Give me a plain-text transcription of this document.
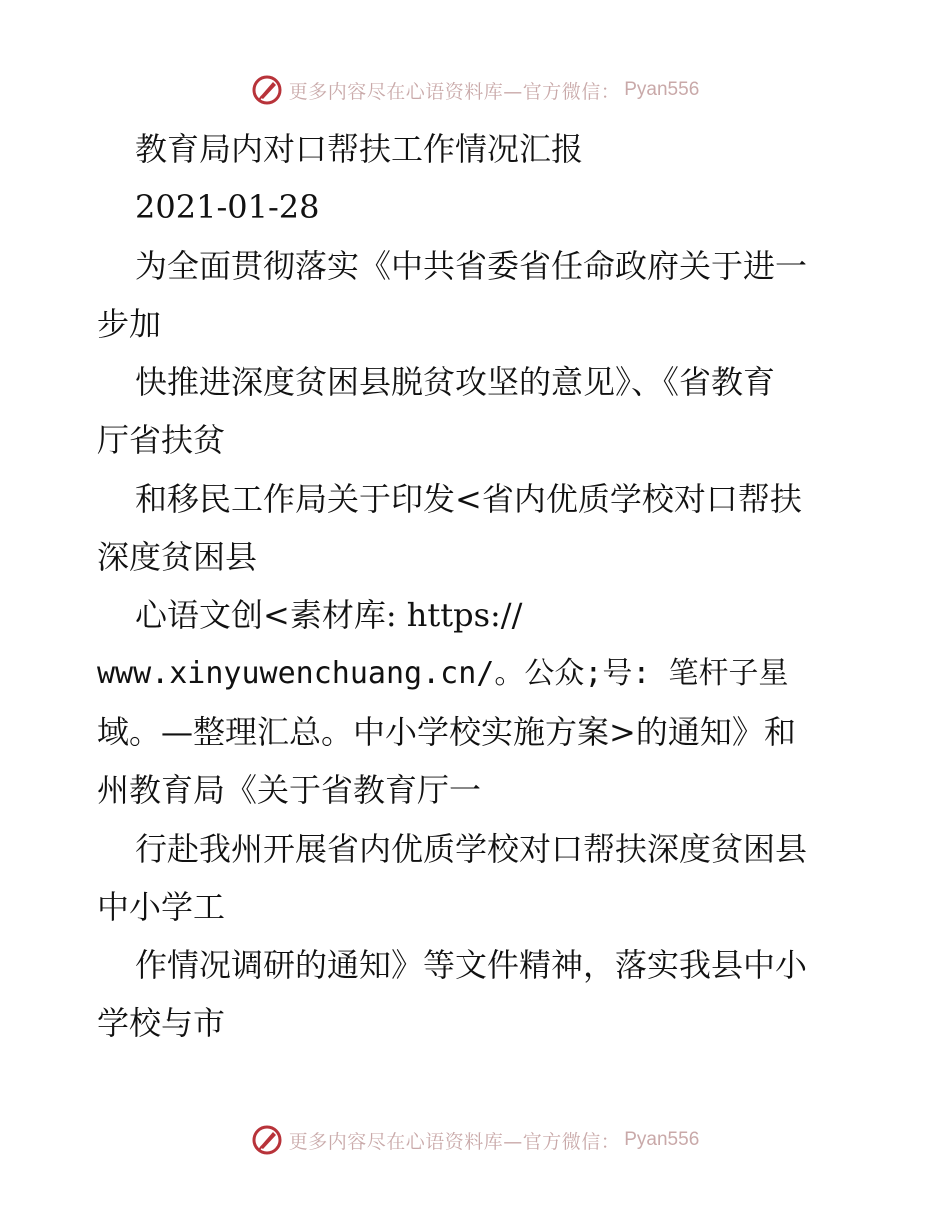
更多内容尽在心语资料库—官方微信： Pyan556
教育局内对口帮扶工作情况汇报
2021-01-28
为全面贯彻落实《中共省委省任命政府关于进一
步加
快推进深度贫困县脱贫攻坚的意见》、《省教育
厅省扶贫
和移民工作局关于印发<省内优质学校对口帮扶
深度贫困县
心语文创<素材库: https://
www.xinyuwenchuang.cn/。公众;号: 笔杆子星
域。—整理汇总。中小学校实施方案>的通知》和
州教育局《关于省教育厅一
行赴我州开展省内优质学校对口帮扶深度贫困县
中小学工
作情况调研的通知》等文件精神，落实我县中小
学校与市
更多内容尽在心语资料库—官方微信： Pyan556
